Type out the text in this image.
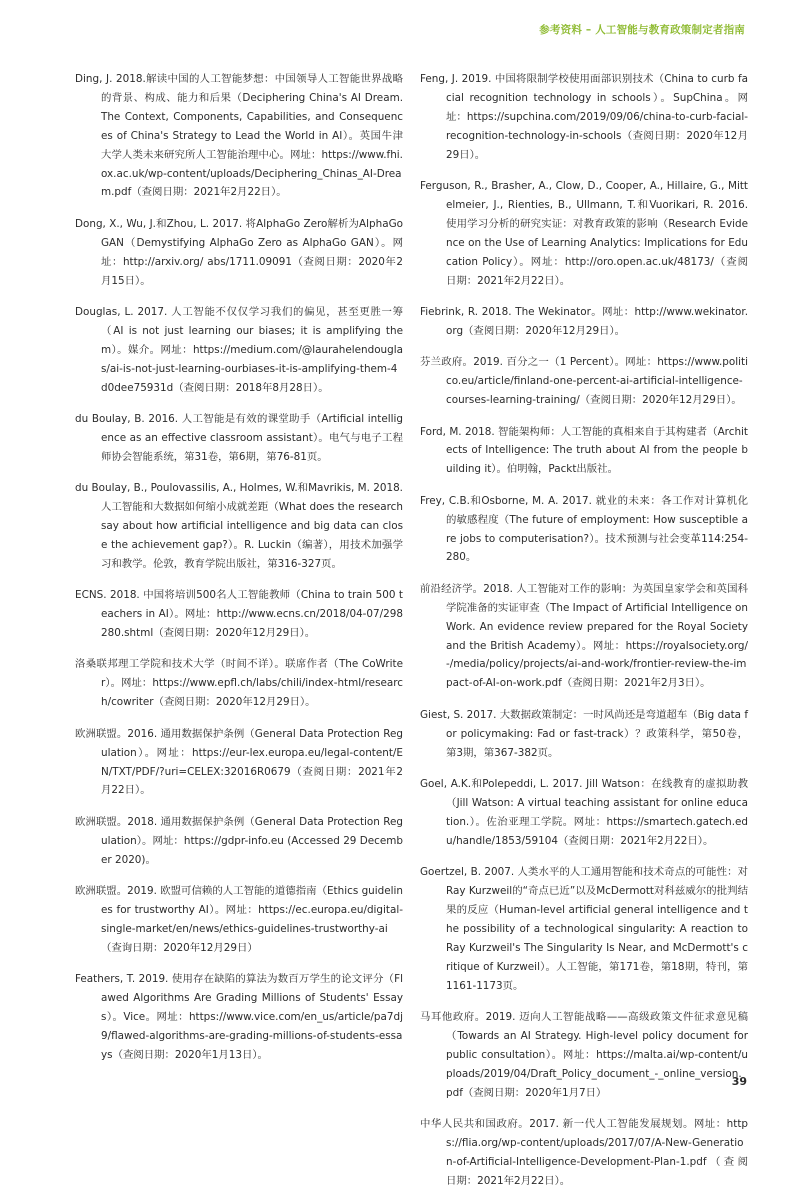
参考资料 – 人工智能与教育政策制定者指南

Ding, J. 2018.解读中国的人工智能梦想：中国领导人工智能世界战略的背景、构成、能力和后果（Deciphering China's AI Dream. The Context, Components, Capabilities, and Consequences of China's Strategy to Lead the World in AI）。英国牛津大学人类未来研究所人工智能治理中心。网址：https://www.fhi.ox.ac.uk/wp-content/uploads/Deciphering_Chinas_AI-Dream.pdf（查阅日期：2021年2月22日）。

Dong, X., Wu, J.和Zhou, L. 2017. 将AlphaGo Zero解析为AlphaGo GAN（Demystifying AlphaGo Zero as AlphaGo GAN）。网址：http://arxiv.org/ abs/1711.09091（查阅日期：2020年2月15日）。

Douglas, L. 2017. 人工智能不仅仅学习我们的偏见，甚至更胜一筹（AI is not just learning our biases; it is amplifying them）。媒介。网址：https://medium.com/@laurahelendouglas/ai-is-not-just-learning-ourbiases-it-is-amplifying-them-4d0dee75931d（查阅日期：2018年8月28日）。

du Boulay, B. 2016. 人工智能是有效的课堂助手（Artificial intelligence as an effective classroom assistant）。电气与电子工程师协会智能系统，第31卷，第6期，第76-81页。

du Boulay, B., Poulovassilis, A., Holmes, W.和Mavrikis, M. 2018. 人工智能和大数据如何缩小成就差距（What does the research say about how artificial intelligence and big data can close the achievement gap?）。R. Luckin（编著），用技术加强学习和教学。伦敦，教育学院出版社，第316-327页。

ECNS. 2018. 中国将培训500名人工智能教师（China to train 500 teachers in AI）。网址：http://www.ecns.cn/2018/04-07/298280.shtml（查阅日期：2020年12月29日）。

洛桑联邦理工学院和技术大学（时间不详）。联席作者（The CoWriter）。网址：https://www.epfl.ch/labs/chili/index-html/research/cowriter（查阅日期：2020年12月29日）。

欧洲联盟。2016. 通用数据保护条例（General Data Protection Regulation）。网址：https://eur-lex.europa.eu/legal-content/EN/TXT/PDF/?uri=CELEX:32016R0679（查阅日期：2021年2月22日）。

欧洲联盟。2018. 通用数据保护条例（General Data Protection Regulation）。网址：https://gdpr-info.eu (Accessed 29 December 2020)。

欧洲联盟。2019. 欧盟可信赖的人工智能的道德指南（Ethics guidelines for trustworthy AI）。网址：https://ec.europa.eu/digital-single-market/en/news/ethics-guidelines-trustworthy-ai（查询日期：2020年12月29日）

Feathers, T. 2019. 使用存在缺陷的算法为数百万学生的论文评分（Flawed Algorithms Are Grading Millions of Students' Essays）。Vice。网址：https://www.vice.com/en_us/article/pa7dj9/flawed-algorithms-are-grading-millions-of-students-essays（查阅日期：2020年1月13日）。

Feng, J. 2019. 中国将限制学校使用面部识别技术（China to curb facial recognition technology in schools）。SupChina。网址：https://supchina.com/2019/09/06/china-to-curb-facial-recognition-technology-in-schools（查阅日期：2020年12月29日）。

Ferguson, R., Brasher, A., Clow, D., Cooper, A., Hillaire, G., Mittelmeier, J., Rienties, B., Ullmann, T.和Vuorikari, R. 2016. 使用学习分析的研究实证：对教育政策的影响（Research Evidence on the Use of Learning Analytics: Implications for Education Policy）。网址：http://oro.open.ac.uk/48173/（查阅日期：2021年2月22日）。

Fiebrink, R. 2018. The Wekinator。网址：http://www.wekinator.org（查阅日期：2020年12月29日）。

芬兰政府。2019. 百分之一（1 Percent）。网址：https://www.politico.eu/article/finland-one-percent-ai-artificial-intelligence-courses-learning-training/（查阅日期：2020年12月29日）。

Ford, M. 2018. 智能架构师：人工智能的真相来自于其构建者（Architects of Intelligence: The truth about AI from the people building it）。伯明翰，Packt出版社。

Frey, C.B.和Osborne, M. A. 2017. 就业的未来：各工作对计算机化的敏感程度（The future of employment: How susceptible are jobs to computerisation?）。技术预测与社会变革114:254-280。

前沿经济学。2018. 人工智能对工作的影响：为英国皇家学会和英国科学院准备的实证审查（The Impact of Artificial Intelligence on Work. An evidence review prepared for the Royal Society and the British Academy）。网址：https://royalsociety.org/-/media/policy/projects/ai-and-work/frontier-review-the-impact-of-AI-on-work.pdf（查阅日期：2021年2月3日）。

Giest, S. 2017. 大数据政策制定：一时风尚还是弯道超车（Big data for policymaking: Fad or fast-track）？政策科学，第50卷，第3期，第367-382页。

Goel, A.K.和Polepeddi, L. 2017. Jill Watson：在线教育的虚拟助教（Jill Watson: A virtual teaching assistant for online education.）。佐治亚理工学院。网址：https://smartech.gatech.edu/handle/1853/59104（查阅日期：2021年2月22日）。

Goertzel, B. 2007. 人类水平的人工通用智能和技术奇点的可能性：对Ray Kurzweil的“奇点已近”以及McDermott对科兹威尔的批判结果的反应（Human-level artificial general intelligence and the possibility of a technological singularity: A reaction to Ray Kurzweil's The Singularity Is Near, and McDermott's critique of Kurzweil）。人工智能，第171卷，第18期，特刊，第1161-1173页。

马耳他政府。2019. 迈向人工智能战略——高级政策文件征求意见稿（Towards an AI Strategy. High-level policy document for public consultation）。网址：https://malta.ai/wp-content/uploads/2019/04/Draft_Policy_document_-_online_version.pdf（查阅日期：2020年1月7日）

中华人民共和国政府。2017. 新一代人工智能发展规划。网址：https://flia.org/wp-content/uploads/2017/07/A-New-Generation-of-Artificial-Intelligence-Development-Plan-1.pdf（查阅日期：2021年2月22日）。

39
